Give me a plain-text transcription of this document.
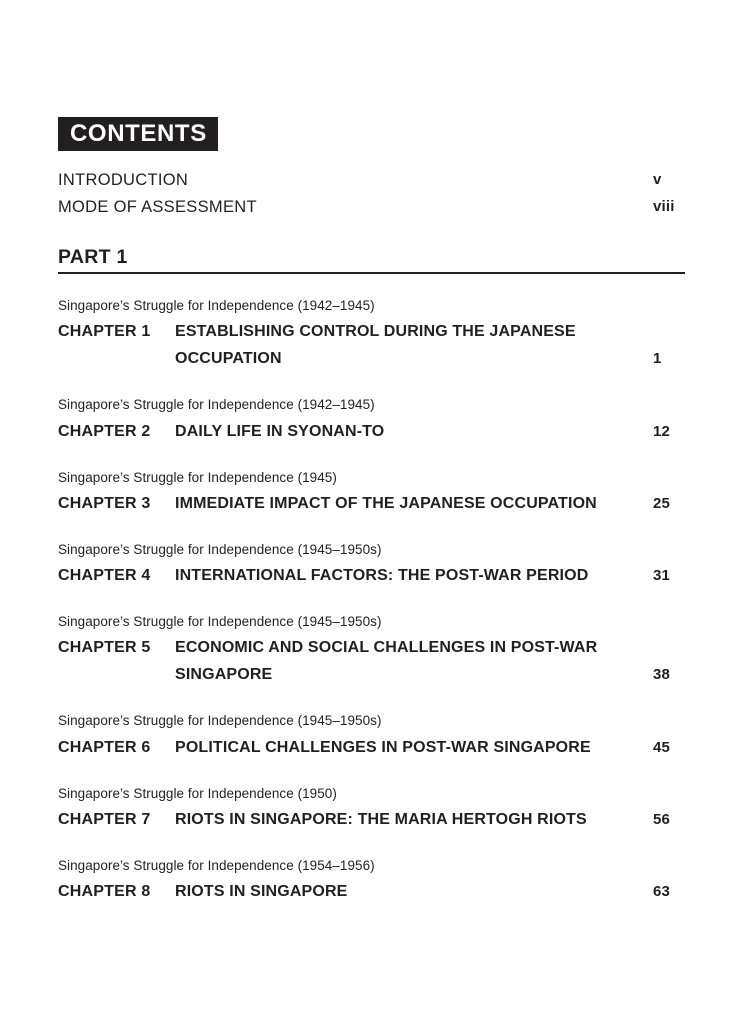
CONTENTS
INTRODUCTION	v
MODE OF ASSESSMENT	viii
PART 1
Singapore’s Struggle for Independence (1942–1945)
CHAPTER 1 ESTABLISHING CONTROL DURING THE JAPANESE
OCCUPATION	1
Singapore’s Struggle for Independence (1942–1945)
CHAPTER 2 DAILY LIFE IN SYONAN-TO	12
Singapore’s Struggle for Independence (1945)
CHAPTER 3 IMMEDIATE IMPACT OF THE JAPANESE OCCUPATION	25
Singapore’s Struggle for Independence (1945–1950s)
CHAPTER 4 INTERNATIONAL FACTORS: THE POST-WAR PERIOD	31
Singapore’s Struggle for Independence (1945–1950s)
CHAPTER 5 ECONOMIC AND SOCIAL CHALLENGES IN POST-WAR
SINGAPORE	38
Singapore’s Struggle for Independence (1945–1950s)
CHAPTER 6 POLITICAL CHALLENGES IN POST-WAR SINGAPORE	45
Singapore’s Struggle for Independence (1950)
CHAPTER 7 RIOTS IN SINGAPORE: THE MARIA HERTOGH RIOTS	56
Singapore’s Struggle for Independence (1954–1956)
CHAPTER 8 RIOTS IN SINGAPORE	63
